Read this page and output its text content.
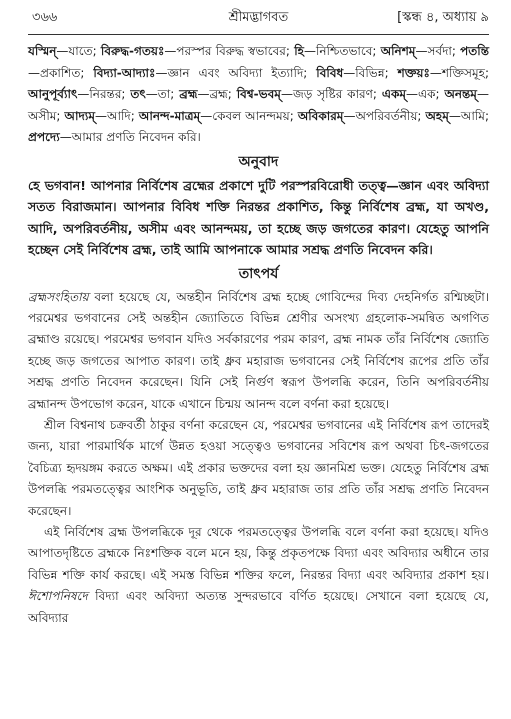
৩৬৬	শ্রীমদ্ভাগবত	[স্কন্ধ ৪, অধ্যায় ৯

যস্মিন্—যাতে; বিরুদ্ধ-গতয়ঃ—পরস্পর বিরুদ্ধ স্বভাবের; হি—নিশ্চিতভাবে; অনিশম্—সর্বদা; পতন্তি—প্রকাশিত; বিদ্যা-আদ্যাঃ—জ্ঞান এবং অবিদ্যা ইত্যাদি; বিবিধ—বিভিন্ন; শক্তয়ঃ—শক্তিসমূহ; আনুপূর্ব্যাৎ—নিরন্তর; তৎ—তা; ব্রহ্ম—ব্রহ্ম; বিশ্ব-ভবম্—জড় সৃষ্টির কারণ; একম্—এক; অনন্তম্—অসীম; আদ্যম্—আদি; আনন্দ-মাত্রম্—কেবল আনন্দময়; অবিকারম্—অপরিবর্তনীয়; অহম্—আমি; প্রপদ্যে—আমার প্রণতি নিবেদন করি।

অনুবাদ

হে ভগবান! আপনার নির্বিশেষ ব্রহ্মের প্রকাশে দুটি পরস্পরবিরোধী তত্ত্ব—জ্ঞান এবং অবিদ্যা সতত বিরাজমান। আপনার বিবিধ শক্তি নিরন্তর প্রকাশিত, কিন্তু নির্বিশেষ ব্রহ্ম, যা অখণ্ড, আদি, অপরিবর্তনীয়, অসীম এবং আনন্দময়, তা হচ্ছে জড় জগতের কারণ। যেহেতু আপনি হচ্ছেন সেই নির্বিশেষ ব্রহ্ম, তাই আমি আপনাকে আমার সশ্রদ্ধ প্রণতি নিবেদন করি।

তাৎপর্য

ব্রহ্মসংহিতায় বলা হয়েছে যে, অন্তহীন নির্বিশেষ ব্রহ্ম হচ্ছে গোবিন্দের দিব্য দেহনির্গত রশ্মিচ্ছটা। পরমেশ্বর ভগবানের সেই অন্তহীন জ্যোতিতে বিভিন্ন শ্রেণীর অসংখ্য গ্রহলোক-সমন্বিত অগণিত ব্রহ্মাণ্ড রয়েছে। পরমেশ্বর ভগবান যদিও সর্বকারণের পরম কারণ, ব্রহ্ম নামক তাঁর নির্বিশেষ জ্যোতি হচ্ছে জড় জগতের আপাত কারণ। তাই ধ্রুব মহারাজ ভগবানের সেই নির্বিশেষ রূপের প্রতি তাঁর সশ্রদ্ধ প্রণতি নিবেদন করেছেন। যিনি সেই নির্গুণ স্বরূপ উপলব্ধি করেন, তিনি অপরিবর্তনীয় ব্রহ্মানন্দ উপভোগ করেন, যাকে এখানে চিন্ময় আনন্দ বলে বর্ণনা করা হয়েছে।

শ্রীল বিশ্বনাথ চক্রবর্তী ঠাকুর বর্ণনা করেছেন যে, পরমেশ্বর ভগবানের এই নির্বিশেষ রূপ তাদেরই জন্য, যারা পারমার্থিক মার্গে উন্নত হওয়া সত্ত্বেও ভগবানের সবিশেষ রূপ অথবা চিৎ-জগতের বৈচিত্র্য হৃদয়ঙ্গম করতে অক্ষম। এই প্রকার ভক্তদের বলা হয় জ্ঞানমিশ্র ভক্ত। যেহেতু নির্বিশেষ ব্রহ্ম উপলব্ধি পরমতত্ত্বের আংশিক অনুভূতি, তাই ধ্রুব মহারাজ তার প্রতি তাঁর সশ্রদ্ধ প্রণতি নিবেদন করেছেন।

এই নির্বিশেষ ব্রহ্ম উপলব্ধিকে দূর থেকে পরমতত্ত্বের উপলব্ধি বলে বর্ণনা করা হয়েছে। যদিও আপাতদৃষ্টিতে ব্রহ্মকে নিঃশক্তিক বলে মনে হয়, কিন্তু প্রকৃতপক্ষে বিদ্যা এবং অবিদ্যার অধীনে তার বিভিন্ন শক্তি কার্য করছে। এই সমস্ত বিভিন্ন শক্তির ফলে, নিরন্তর বিদ্যা এবং অবিদ্যার প্রকাশ হয়। ঈশোপনিষদে বিদ্যা এবং অবিদ্যা অত্যন্ত সুন্দরভাবে বর্ণিত হয়েছে। সেখানে বলা হয়েছে যে, অবিদ্যার
